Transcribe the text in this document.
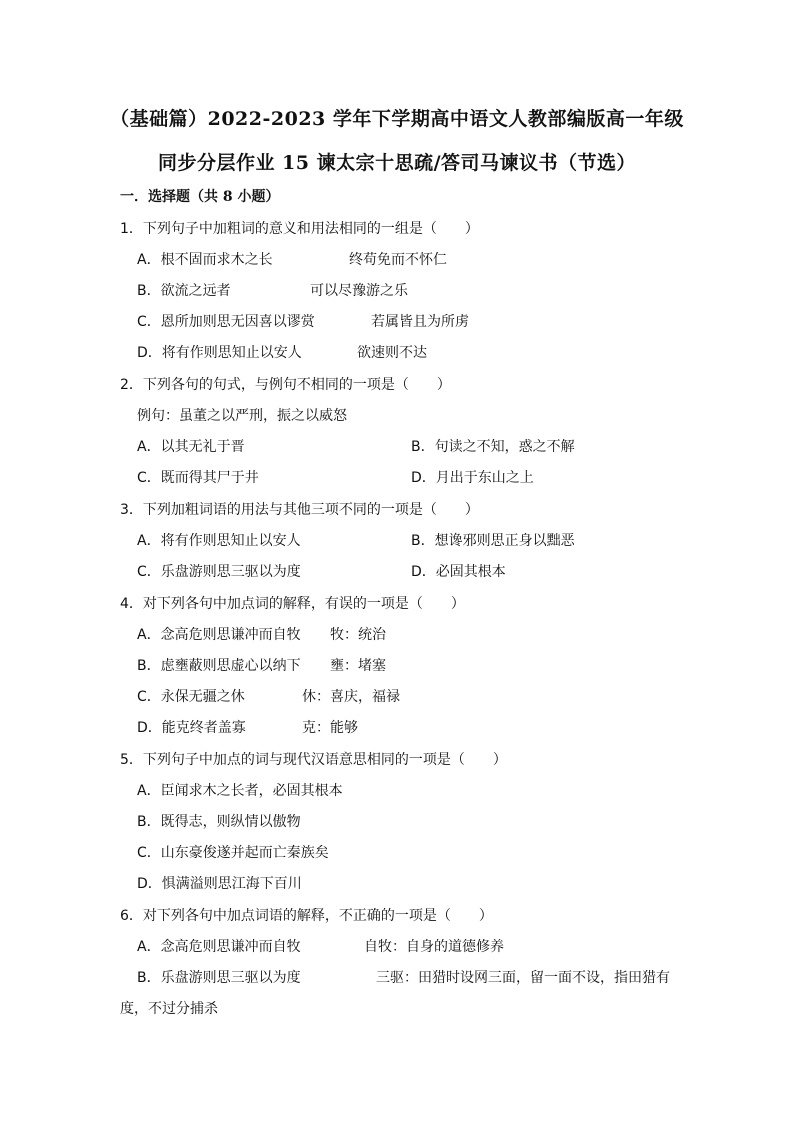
（基础篇）2022-2023 学年下学期高中语文人教部编版高一年级
同步分层作业 15 谏太宗十思疏/答司马谏议书（节选）
一．选择题（共 8 小题）
1．下列句子中加粗词的意义和用法相同的一组是（　　）
A．根不固而求木之长	终苟免而不怀仁
B．欲流之远者	可以尽豫游之乐
C．恩所加则思无因喜以谬赏	若属皆且为所虏
D．将有作则思知止以安人	欲速则不达
2．下列各句的句式，与例句不相同的一项是（　　）
例句：虽董之以严刑，振之以威怒
A．以其无礼于晋	B．句读之不知，惑之不解
C．既而得其尸于井	D．月出于东山之上
3．下列加粗词语的用法与其他三项不同的一项是（　　）
A．将有作则思知止以安人	B．想谗邪则思正身以黜恶
C．乐盘游则思三驱以为度	D．必固其根本
4．对下列各句中加点词的解释，有误的一项是（　　）
A．念高危则思谦冲而自牧 牧：统治
B．虑壅蔽则思虚心以纳下 壅：堵塞
C．永保无疆之休	休：喜庆，福禄
D．能克终者盖寡	克：能够
5．下列句子中加点的词与现代汉语意思相同的一项是（　　）
A．臣闻求木之长者，必固其根本
B．既得志，则纵情以傲物
C．山东豪俊遂并起而亡秦族矣
D．惧满溢则思江海下百川
6．对下列各句中加点词语的解释，不正确的一项是（　　）
A．念高危则思谦冲而自牧	自牧：自身的道德修养
B．乐盘游则思三驱以为度	三驱：田猎时设网三面，留一面不设，指田猎有
度，不过分捕杀
